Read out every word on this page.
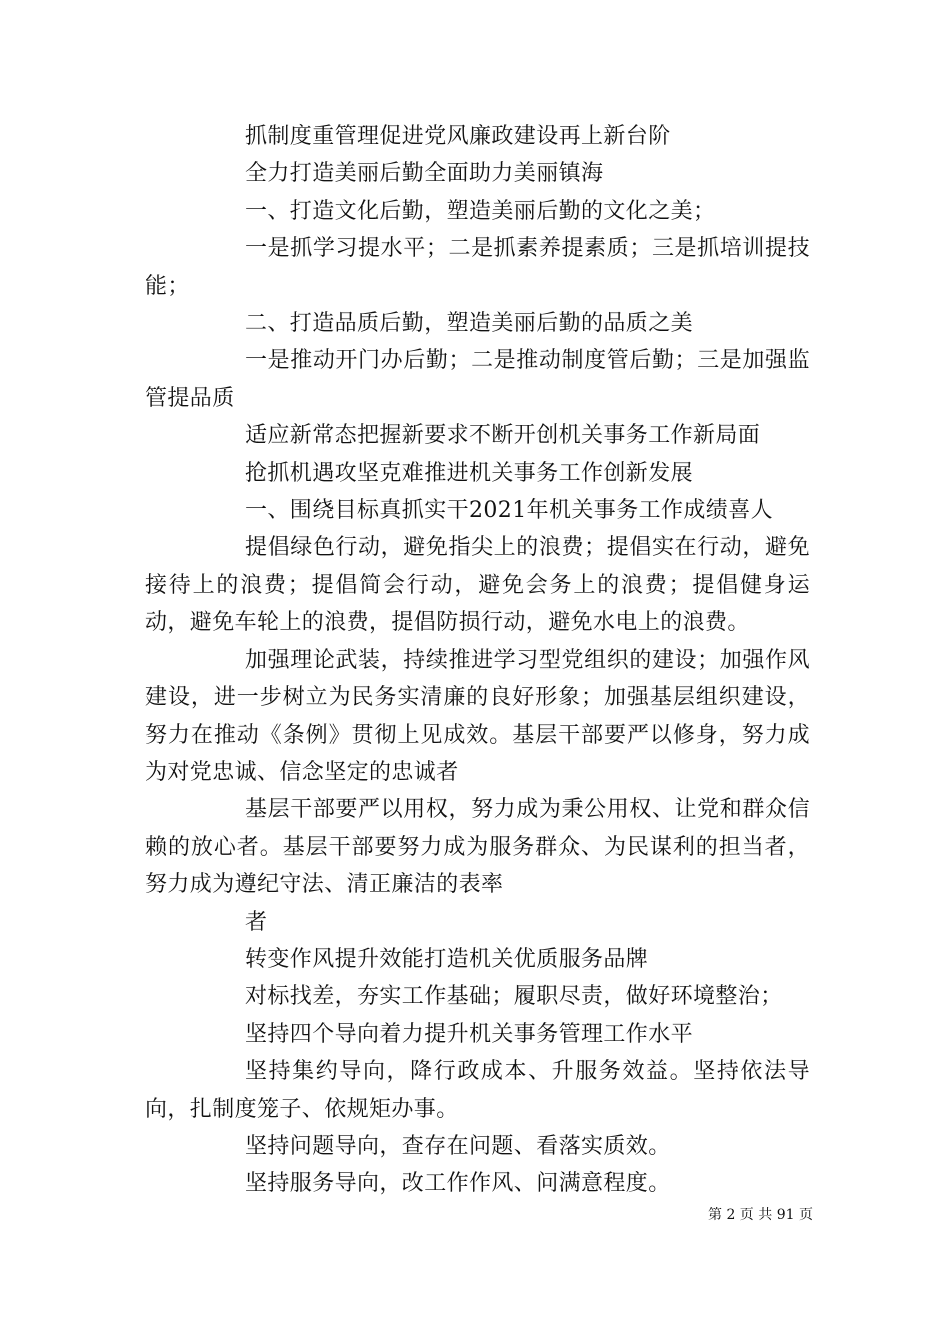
抓制度重管理促进党风廉政建设再上新台阶

全力打造美丽后勤全面助力美丽镇海

一、打造文化后勤，塑造美丽后勤的文化之美；

一是抓学习提水平；二是抓素养提素质；三是抓培训提技能；

二、打造品质后勤，塑造美丽后勤的品质之美

一是推动开门办后勤；二是推动制度管后勤；三是加强监管提品质

适应新常态把握新要求不断开创机关事务工作新局面

抢抓机遇攻坚克难推进机关事务工作创新发展

一、围绕目标真抓实干2021年机关事务工作成绩喜人

提倡绿色行动，避免指尖上的浪费；提倡实在行动，避免接待上的浪费；提倡简会行动，避免会务上的浪费；提倡健身运动，避免车轮上的浪费，提倡防损行动，避免水电上的浪费。

加强理论武装，持续推进学习型党组织的建设；加强作风建设，进一步树立为民务实清廉的良好形象；加强基层组织建设，努力在推动《条例》贯彻上见成效。基层干部要严以修身，努力成为对党忠诚、信念坚定的忠诚者

基层干部要严以用权，努力成为秉公用权、让党和群众信赖的放心者。基层干部要努力成为服务群众、为民谋利的担当者，努力成为遵纪守法、清正廉洁的表率

者

转变作风提升效能打造机关优质服务品牌

对标找差，夯实工作基础；履职尽责，做好环境整治；

坚持四个导向着力提升机关事务管理工作水平

坚持集约导向，降行政成本、升服务效益。坚持依法导向，扎制度笼子、依规矩办事。

坚持问题导向，查存在问题、看落实质效。

坚持服务导向，改工作作风、问满意程度。

第 2 页 共 91 页
